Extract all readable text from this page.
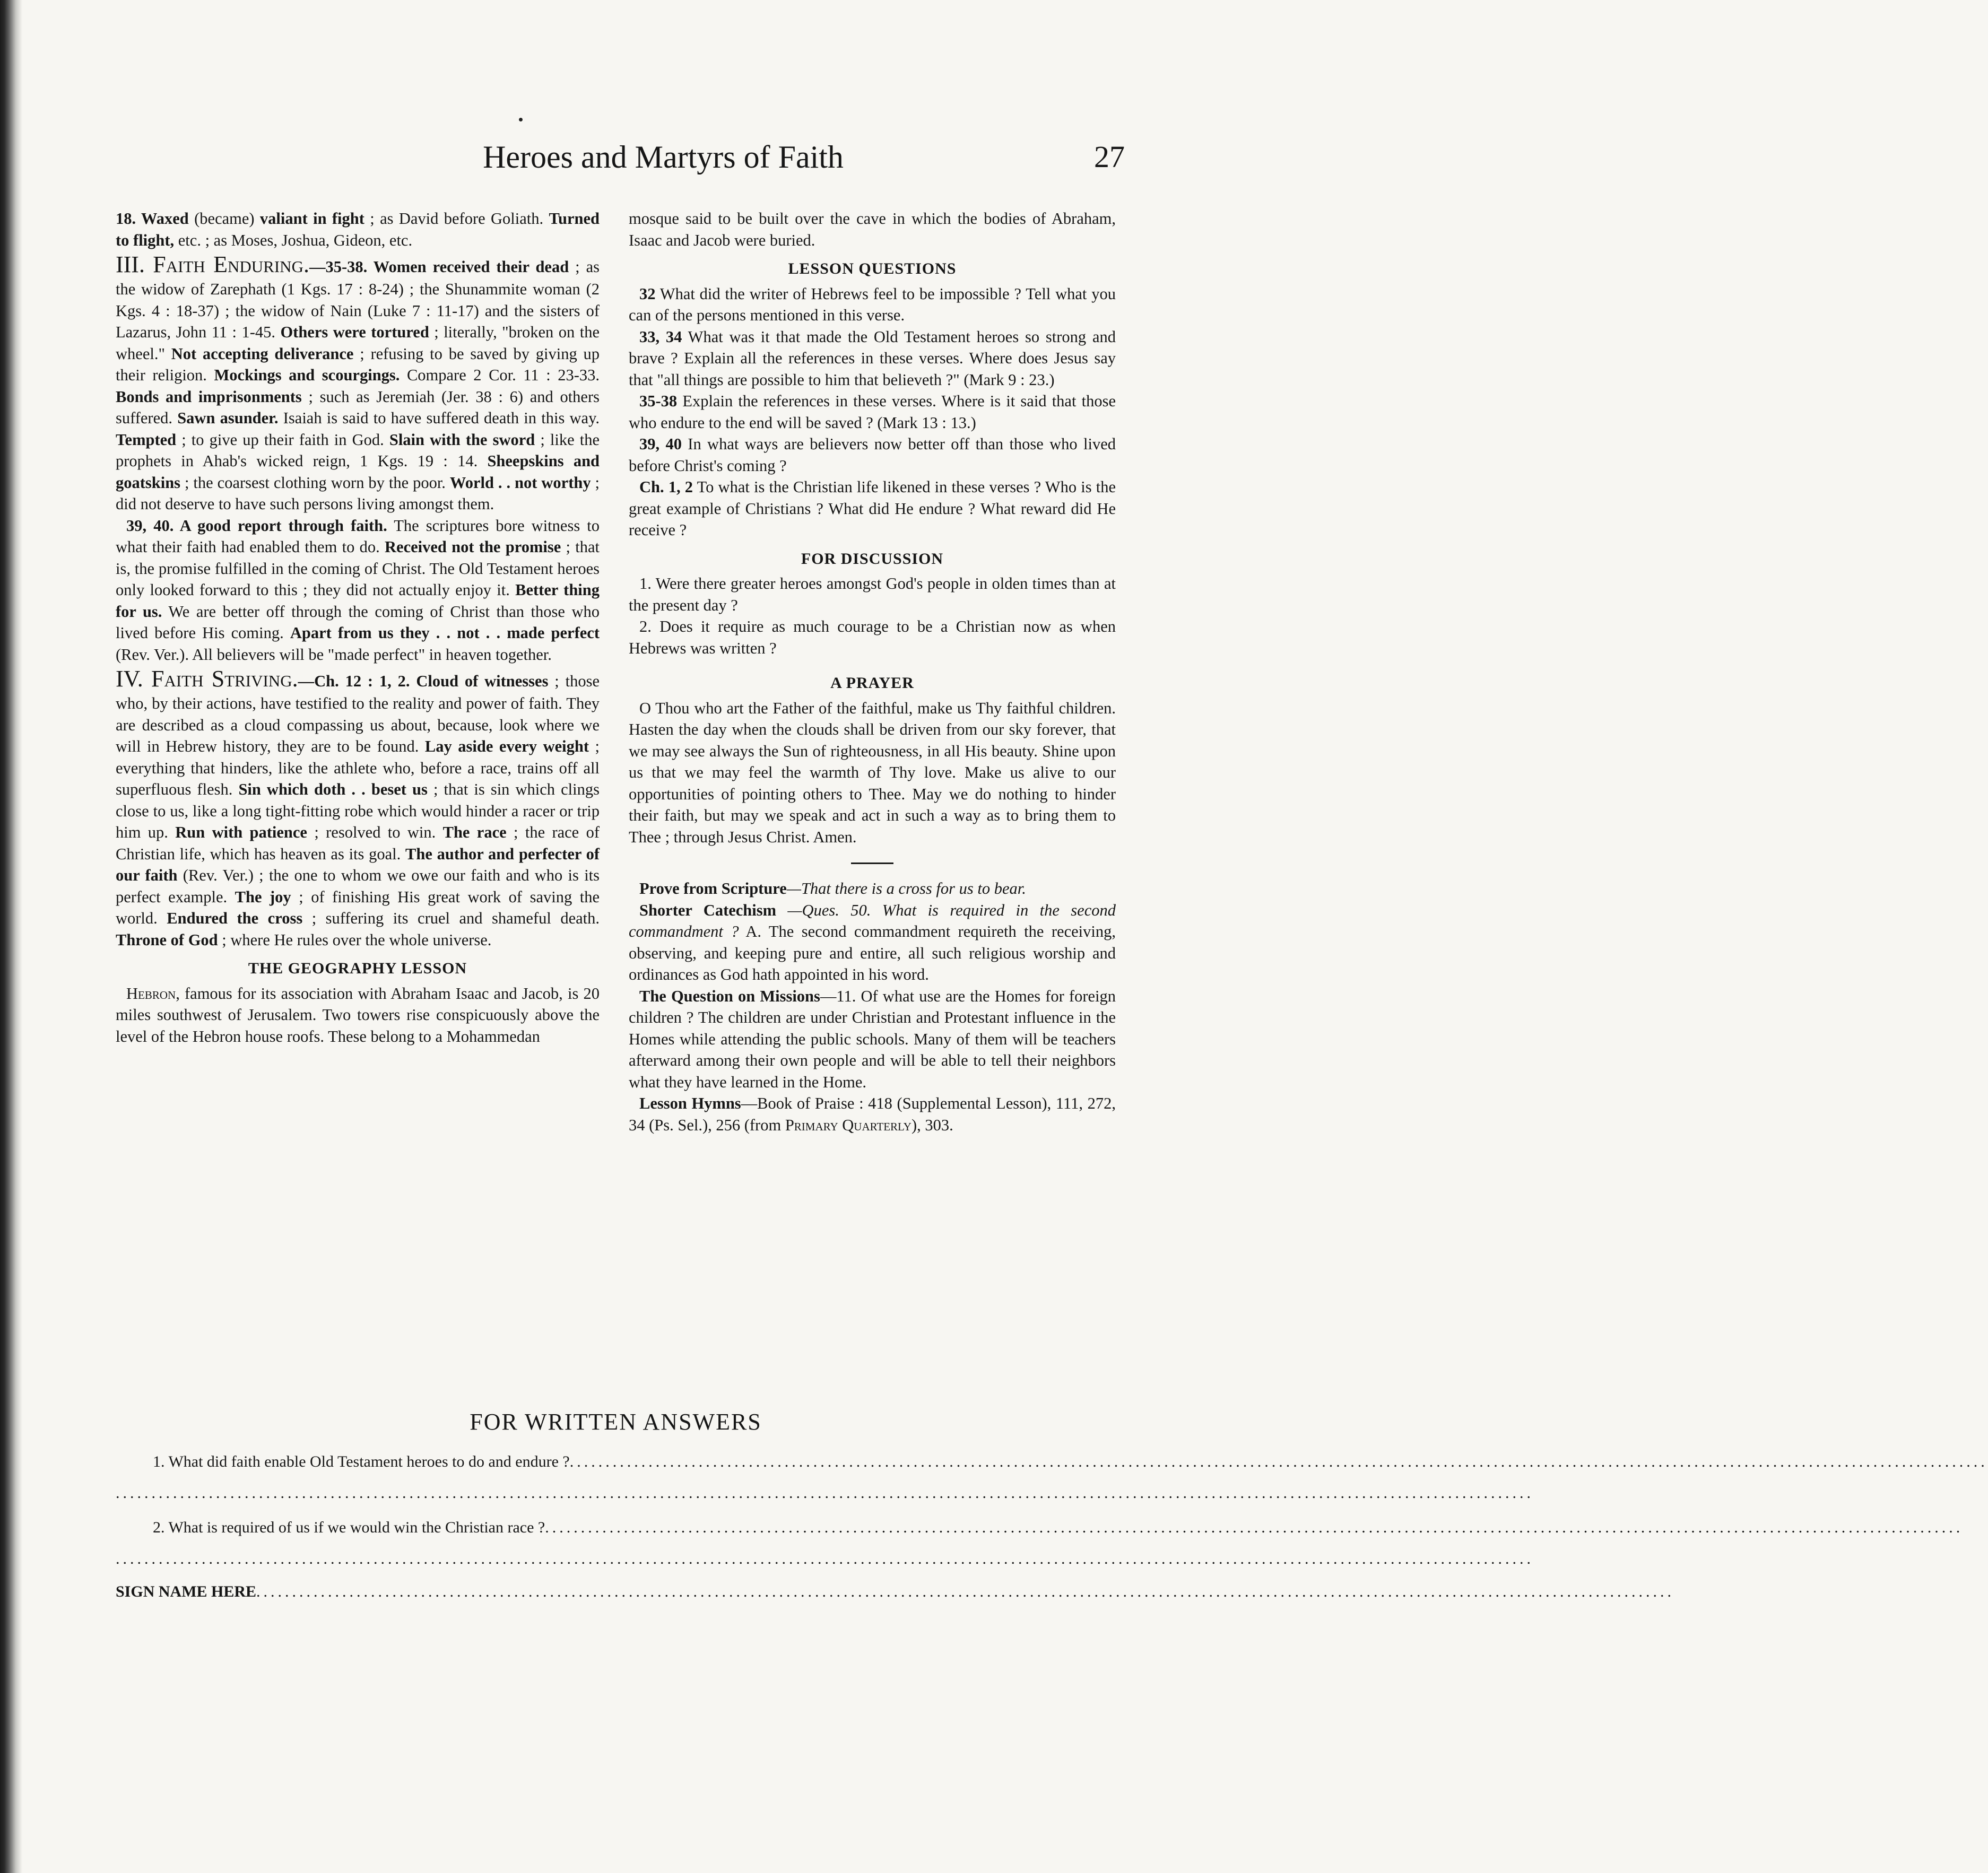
Heroes and Martyrs of Faith	27

18. Waxed (became) valiant in fight ; as David before Goliath. Turned to flight, etc. ; as Moses, Joshua, Gideon, etc.

III. Faith Enduring.—35-38. Women received their dead ; as the widow of Zarephath (1 Kgs. 17 : 8-24) ; the Shunammite woman (2 Kgs. 4 : 18-37) ; the widow of Nain (Luke 7 : 11-17) and the sisters of Lazarus, John 11 : 1-45. Others were tortured ; literally, "broken on the wheel." Not accepting deliverance ; refusing to be saved by giving up their religion. Mockings and scourgings. Compare 2 Cor. 11 : 23-33. Bonds and imprisonments ; such as Jeremiah (Jer. 38 : 6) and others suffered. Sawn asunder. Isaiah is said to have suffered death in this way. Tempted ; to give up their faith in God. Slain with the sword ; like the prophets in Ahab's wicked reign, 1 Kgs. 19 : 14. Sheepskins and goatskins ; the coarsest clothing worn by the poor. World . . not worthy ; did not deserve to have such persons living amongst them.

39, 40. A good report through faith. The scriptures bore witness to what their faith had enabled them to do. Received not the promise ; that is, the promise fulfilled in the coming of Christ. The Old Testament heroes only looked forward to this ; they did not actually enjoy it. Better thing for us. We are better off through the coming of Christ than those who lived before His coming. Apart from us they . . not . . made perfect (Rev. Ver.). All believers will be "made perfect" in heaven together.

IV. Faith Striving.—Ch. 12 : 1, 2. Cloud of witnesses ; those who, by their actions, have testified to the reality and power of faith. They are described as a cloud compassing us about, because, look where we will in Hebrew history, they are to be found. Lay aside every weight ; everything that hinders, like the athlete who, before a race, trains off all superfluous flesh. Sin which doth . . beset us ; that is sin which clings close to us, like a long tight-fitting robe which would hinder a racer or trip him up. Run with patience ; resolved to win. The race ; the race of Christian life, which has heaven as its goal. The author and perfecter of our faith (Rev. Ver.) ; the one to whom we owe our faith and who is its perfect example. The joy ; of finishing His great work of saving the world. Endured the cross ; suffering its cruel and shameful death. Throne of God ; where He rules over the whole universe.

THE GEOGRAPHY LESSON

Hebron, famous for its association with Abraham Isaac and Jacob, is 20 miles southwest of Jerusalem. Two towers rise conspicuously above the level of the Hebron house roofs. These belong to a Mohammedan

mosque said to be built over the cave in which the bodies of Abraham, Isaac and Jacob were buried.

LESSON QUESTIONS

32 What did the writer of Hebrews feel to be impossible ? Tell what you can of the persons mentioned in this verse.

33, 34 What was it that made the Old Testament heroes so strong and brave ? Explain all the references in these verses. Where does Jesus say that "all things are possible to him that believeth ?" (Mark 9 : 23.)

35-38 Explain the references in these verses. Where is it said that those who endure to the end will be saved ? (Mark 13 : 13.)

39, 40 In what ways are believers now better off than those who lived before Christ's coming ?

Ch. 1, 2 To what is the Christian life likened in these verses ? Who is the great example of Christians ? What did He endure ? What reward did He receive ?

FOR DISCUSSION

1. Were there greater heroes amongst God's people in olden times than at the present day ?

2. Does it require as much courage to be a Christian now as when Hebrews was written ?

A PRAYER

O Thou who art the Father of the faithful, make us Thy faithful children. Hasten the day when the clouds shall be driven from our sky forever, that we may see always the Sun of righteousness, in all His beauty. Shine upon us that we may feel the warmth of Thy love. Make us alive to our opportunities of pointing others to Thee. May we do nothing to hinder their faith, but may we speak and act in such a way as to bring them to Thee ; through Jesus Christ. Amen.

Prove from Scripture—That there is a cross for us to bear.

Shorter Catechism —Ques. 50. What is required in the second commandment ? A. The second commandment requireth the receiving, observing, and keeping pure and entire, all such religious worship and ordinances as God hath appointed in his word.

The Question on Missions—11. Of what use are the Homes for foreign children ? The children are under Christian and Protestant influence in the Homes while attending the public schools. Many of them will be teachers afterward among their own people and will be able to tell their neighbors what they have learned in the Home.

Lesson Hymns—Book of Praise : 418 (Supplemental Lesson), 111, 272, 34 (Ps. Sel.), 256 (from Primary Quarterly), 303.

FOR WRITTEN ANSWERS
1. What did faith enable Old Testament heroes to do and endure ?......................................................................................................................................................................................................
......................................................................................................................................................................................................
2. What is required of us if we would win the Christian race ?......................................................................................................................................................................................................
......................................................................................................................................................................................................
SIGN NAME HERE......................................................................................................................................................................................................
